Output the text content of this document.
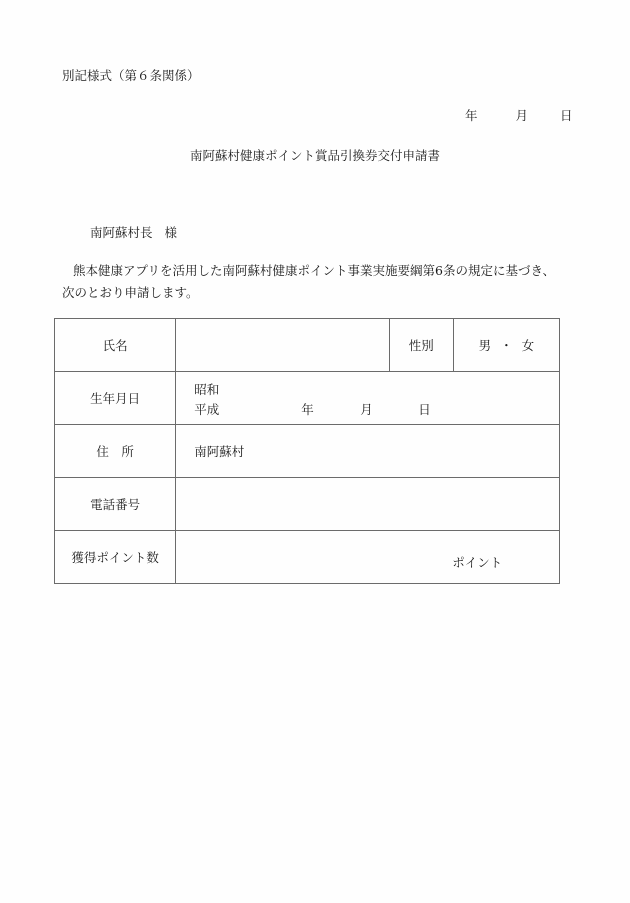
別記様式（第６条関係）
年	月	日
南阿蘇村健康ポイント賞品引換券交付申請書
南阿蘇村長 様
熊本健康アプリを活用した南阿蘇村健康ポイント事業実施要綱第6条の規定に基づき、
次のとおり申請します。
氏名		性別	男 ・ 女
生年月日	昭和
平成 年 月 日		

住　所	南阿蘇村		
電話番号			
獲得ポイント数	ポイント		
